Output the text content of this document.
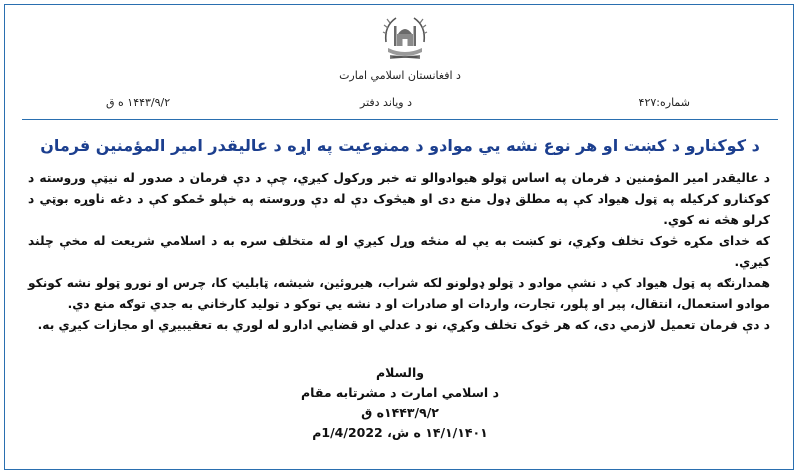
د افغانستان اسلامي امارت
شماره:۴۲۷
د ویاند دفتر
۱۴۴۳/۹/۲ ه ق
د کوکنارو د کښت او هر نوع نشه يي موادو د ممنوعيت په اړه د عاليقدر امير المؤمنين فرمان

د عاليقدر امير المؤمنين د فرمان په اساس ټولو هيوادوالو ته خبر ورکول کيږي، چې د دې فرمان د صدور له نيټې وروسته د کوکنارو کرکيله په ټول هيواد کې په مطلق ډول منع دی او هيڅوک دې له دې وروسته په خپلو ځمکو کې د دغه ناوړه بوټي د کرلو هڅه نه کوي.

که خدای مکړه څوک تخلف وکړي، نو کښت به يې له منځه وړل کيږي او له متخلف سره به د اسلامي شريعت له مخې چلند کيږي.

همدارنګه په ټول هيواد کې د نشې موادو د ټولو ډولونو لکه شراب، هيروئين، شيشه، ټابليټ کا، چرس او نورو ټولو نشه کونکو موادو استعمال، انتقال، پير او پلور، تجارت، واردات او صادرات او د نشه يي توکو د توليد کارخاني به جدي توګه منع دي.

د دې فرمان تعميل لازمي دی، که هر څوک تخلف وکړي، نو د عدلي او قضايي ادارو له لوري به تعقيبيږي او مجازات کيږي به.

والسلام
د اسلامي امارت د مشرتابه مقام
۱۴۴۳/۹/۲ه ق
۱۴/۱/۱۴۰۱ ه ش، 1/4/2022م
